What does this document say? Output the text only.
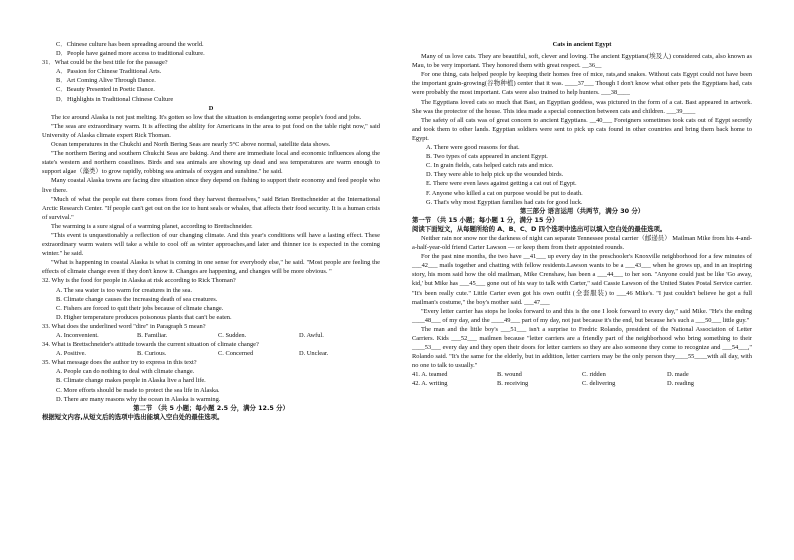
C．Chinese culture has been spreading around the world.

D．People have gained more access to traditional culture.

31．What could be the best title for the passage?

A．Passion for Chinese Traditional Arts.

B．Art Coming Alive Through Dance.

C．Beauty Presented in Poetic Dance.

D．Highlights in Traditional Chinese Culture

D

The ice around Alaska is not just melting. It's gotten so low that the situation is endangering some people's food and jobs.

"The seas are extraordinary warm. It is affecting the ability for Americans in the area to put food on the table right now," said University of Alaska climate expert Rick Thoman.

Ocean temperatures in the Chukchi and North Bering Seas are nearly 5°C above normal, satellite data shows.

"The northern Bering and southern Chukchi Seas are baking. And there are immediate local and economic influences along the state's western and northern coastlines. Birds and sea animals are showing up dead and sea temperatures are warm enough to support algae（藻类）to grow rapidly, robbing sea animals of oxygen and sunshine." he said.

Many coastal Alaska towns are facing dire situation since they depend on fishing to support their economy and feed people who live there.

"Much of what the people eat there comes from food they harvest themselves," said Brian Brettschneider at the International Arctic Research Center. "If people can't get out on the ice to hunt seals or whales, that affects their food security. It is a human crisis of survival."

The warming is a sure signal of a warming planet, according to Brettschneider.

"This event is unquestionably a reflection of our changing climate. And this year's conditions will have a lasting effect. These extraordinary warm waters will take a while to cool off as winter approaches,and later and thinner ice is expected in the coming winter." he said.

"What is happening in coastal Alaska is what is coming in one sense for everybody else," he said. "Most people are feeling the effects of climate change even if they don't know it. Changes are happening, and changes will be more obvious. "

32. Why is the food for people in Alaska at risk according to Rick Thoman?

A. The sea water is too warm for creatures in the sea.

B. Climate change causes the increasing death of sea creatures.

C. Fishers are forced to quit their jobs because of climate change.

D. Higher temperature produces poisonous plants that can't be eaten.

33. What does the underlined word "dire" in Paragraph 5 mean?

A. Inconvenient.	B. Familiar.	C. Sudden.	D. Awful.

34. What is Brettschneider's attitude towards the current situation of climate change?

A. Positive.	B. Curious.	C. Concerned	D. Unclear.

35. What message does the author try to express in this text?

A. People can do nothing to deal with climate change.

B. Climate change makes people in Alaska live a hard life.

C. More efforts should be made to protect the sea life in Alaska.

D. There are many reasons why the ocean in Alaska is warming.

第二节 （共 5 小题；每小题 2.5 分，满分 12.5 分）

根据短文内容,从短文后的选项中选出能填入空白处的最佳选项。

Cats in ancient Egypt

Many of us love cats. They are beautiful, soft, clever and loving. The ancient Egyptians(埃及人) considered cats, also known as Mau, to be very important. They honored them with great respect. __36__

For one thing, cats helped people by keeping their homes free of mice, rats,and snakes. Without cats Egypt could not have been the important grain-growing(谷物种植) center that it was. ____37___ Though I don't know what other pets the Egyptians had, cats were probably the most important. Cats were also trained to help hunters. ___38____

The Egyptians loved cats so much that Bast, an Egyptian goddess, was pictured in the form of a cat. Bast appeared in artwork. She was the protector of the house. This idea made a special connection between cats and children. ___39____

The safety of all cats was of great concern to ancient Egyptians. __40___ Foreigners sometimes took cats out of Egypt secretly and took them to other lands. Egyptian soldiers were sent to pick up cats found in other countries and bring them back home to Egypt.

A. There were good reasons for that.

B. Two types of cats appeared in ancient Egypt.

C. In grain fields, cats helped catch rats and mice.

D. They were able to help pick up the wounded birds.

E. There were even laws against getting a cat out of Egypt.

F. Anyone who killed a cat on purpose would be put to death.

G. That's why most Egyptian families had cats for good luck.

第三部分 语言运用（共两节，满分 30 分）

第一节 （共 15 小题；每小题 1 分，满分 15 分）

阅读下面短文，从每题所给的 A、B、C、D 四个选项中选出可以填入空白处的最佳选项。

Neither rain nor snow nor the darkness of night can separate Tennessee postal carrier（邮递员） Mailman Mike from his 4-and-a-half-year-old friend Carter Lawson — or keep them from their appointed rounds.

For the past nine months, the two have __41___ up every day in the preschooler's Knoxville neighborhood for a few minutes of ___42___ mails together and chatting with fellow residents.Lawson wants to be a ___43___ when he grows up, and in an inspiring story, his mom said how the old mailman, Mike Crenshaw, has been a ___44___ to her son. "Anyone could just be like 'Go away, kid,' but Mike has ___45___ gone out of his way to talk with Carter," said Cassie Lawson of the United States Postal Service carrier. "It's been really cute." Little Carter even got his own outfit (全套服装) to ___46 Mike's. "I just couldn't believe he got a full mailman's costume," the boy's mother said. ___47___

"Every letter carrier has stops he looks forward to and this is the one I look forward to every day," said Mike. "He's the ending ____48___ of my day, and the ____49___ part of my day, not just because it's the end, but because he's such a ___50___ little guy."

The man and the little boy's ___51___ isn't a surprise to Fredric Rolando, president of the National Association of Letter Carriers. Kids ___52___ mailmen because "letter carriers are a friendly part of the neighborhood who bring something to their ____53___ every day and they open their doors for letter carriers so they are also someone they come to recognize and ___54___," Rolando said. "It's the same for the elderly, but in addition, letter carriers may be the only person they____55____with all day, with no one to talk to usually."

41. A. teamed	B. wound	C. ridden	D. made
42. A. writing	B. receiving	C. delivering	D. reading
